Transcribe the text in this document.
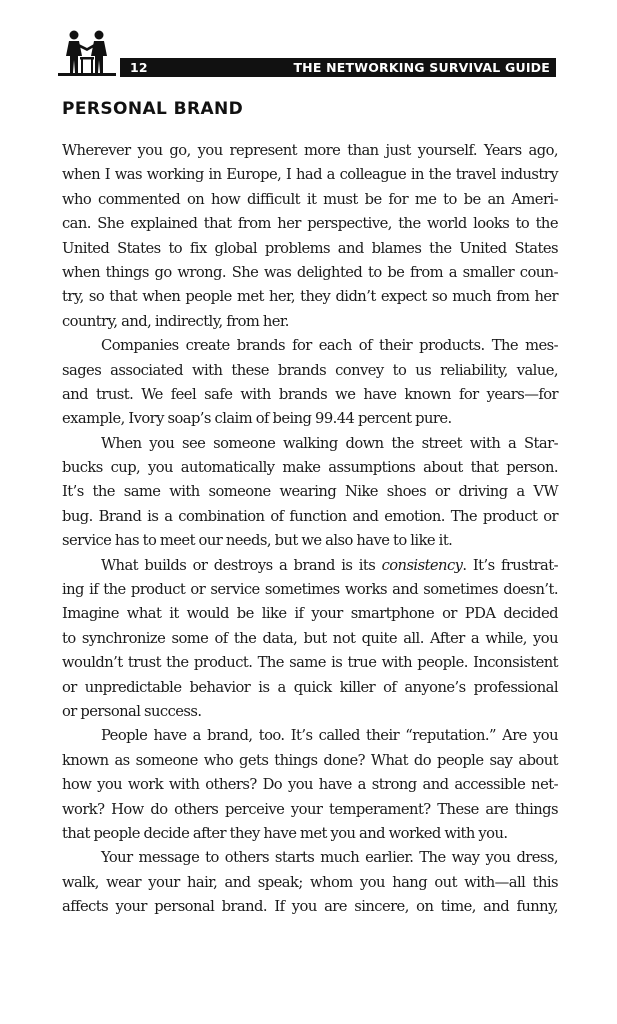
12	THE NETWORKING SURVIVAL GUIDE
PERSONAL BRAND
Wherever you go, you represent more than just yourself. Years ago,
when I was working in Europe, I had a colleague in the travel industry
who commented on how difficult it must be for me to be an Ameri-
can. She explained that from her perspective, the world looks to the
United States to fix global problems and blames the United States
when things go wrong. She was delighted to be from a smaller coun-
try, so that when people met her, they didn’t expect so much from her
country, and, indirectly, from her.
Companies create brands for each of their products. The mes-
sages associated with these brands convey to us reliability, value,
and trust. We feel safe with brands we have known for years—for
example, Ivory soap’s claim of being 99.44 percent pure.
When you see someone walking down the street with a Star-
bucks cup, you automatically make assumptions about that person.
It’s the same with someone wearing Nike shoes or driving a VW
bug. Brand is a combination of function and emotion. The product or
service has to meet our needs, but we also have to like it.
What builds or destroys a brand is its consistency. It’s frustrat-
ing if the product or service sometimes works and sometimes doesn’t.
Imagine what it would be like if your smartphone or PDA decided
to synchronize some of the data, but not quite all. After a while, you
wouldn’t trust the product. The same is true with people. Inconsistent
or unpredictable behavior is a quick killer of anyone’s professional
or personal success.
People have a brand, too. It’s called their “reputation.” Are you
known as someone who gets things done? What do people say about
how you work with others? Do you have a strong and accessible net-
work? How do others perceive your temperament? These are things
that people decide after they have met you and worked with you.
Your message to others starts much earlier. The way you dress,
walk, wear your hair, and speak; whom you hang out with—all this
affects your personal brand. If you are sincere, on time, and funny,
